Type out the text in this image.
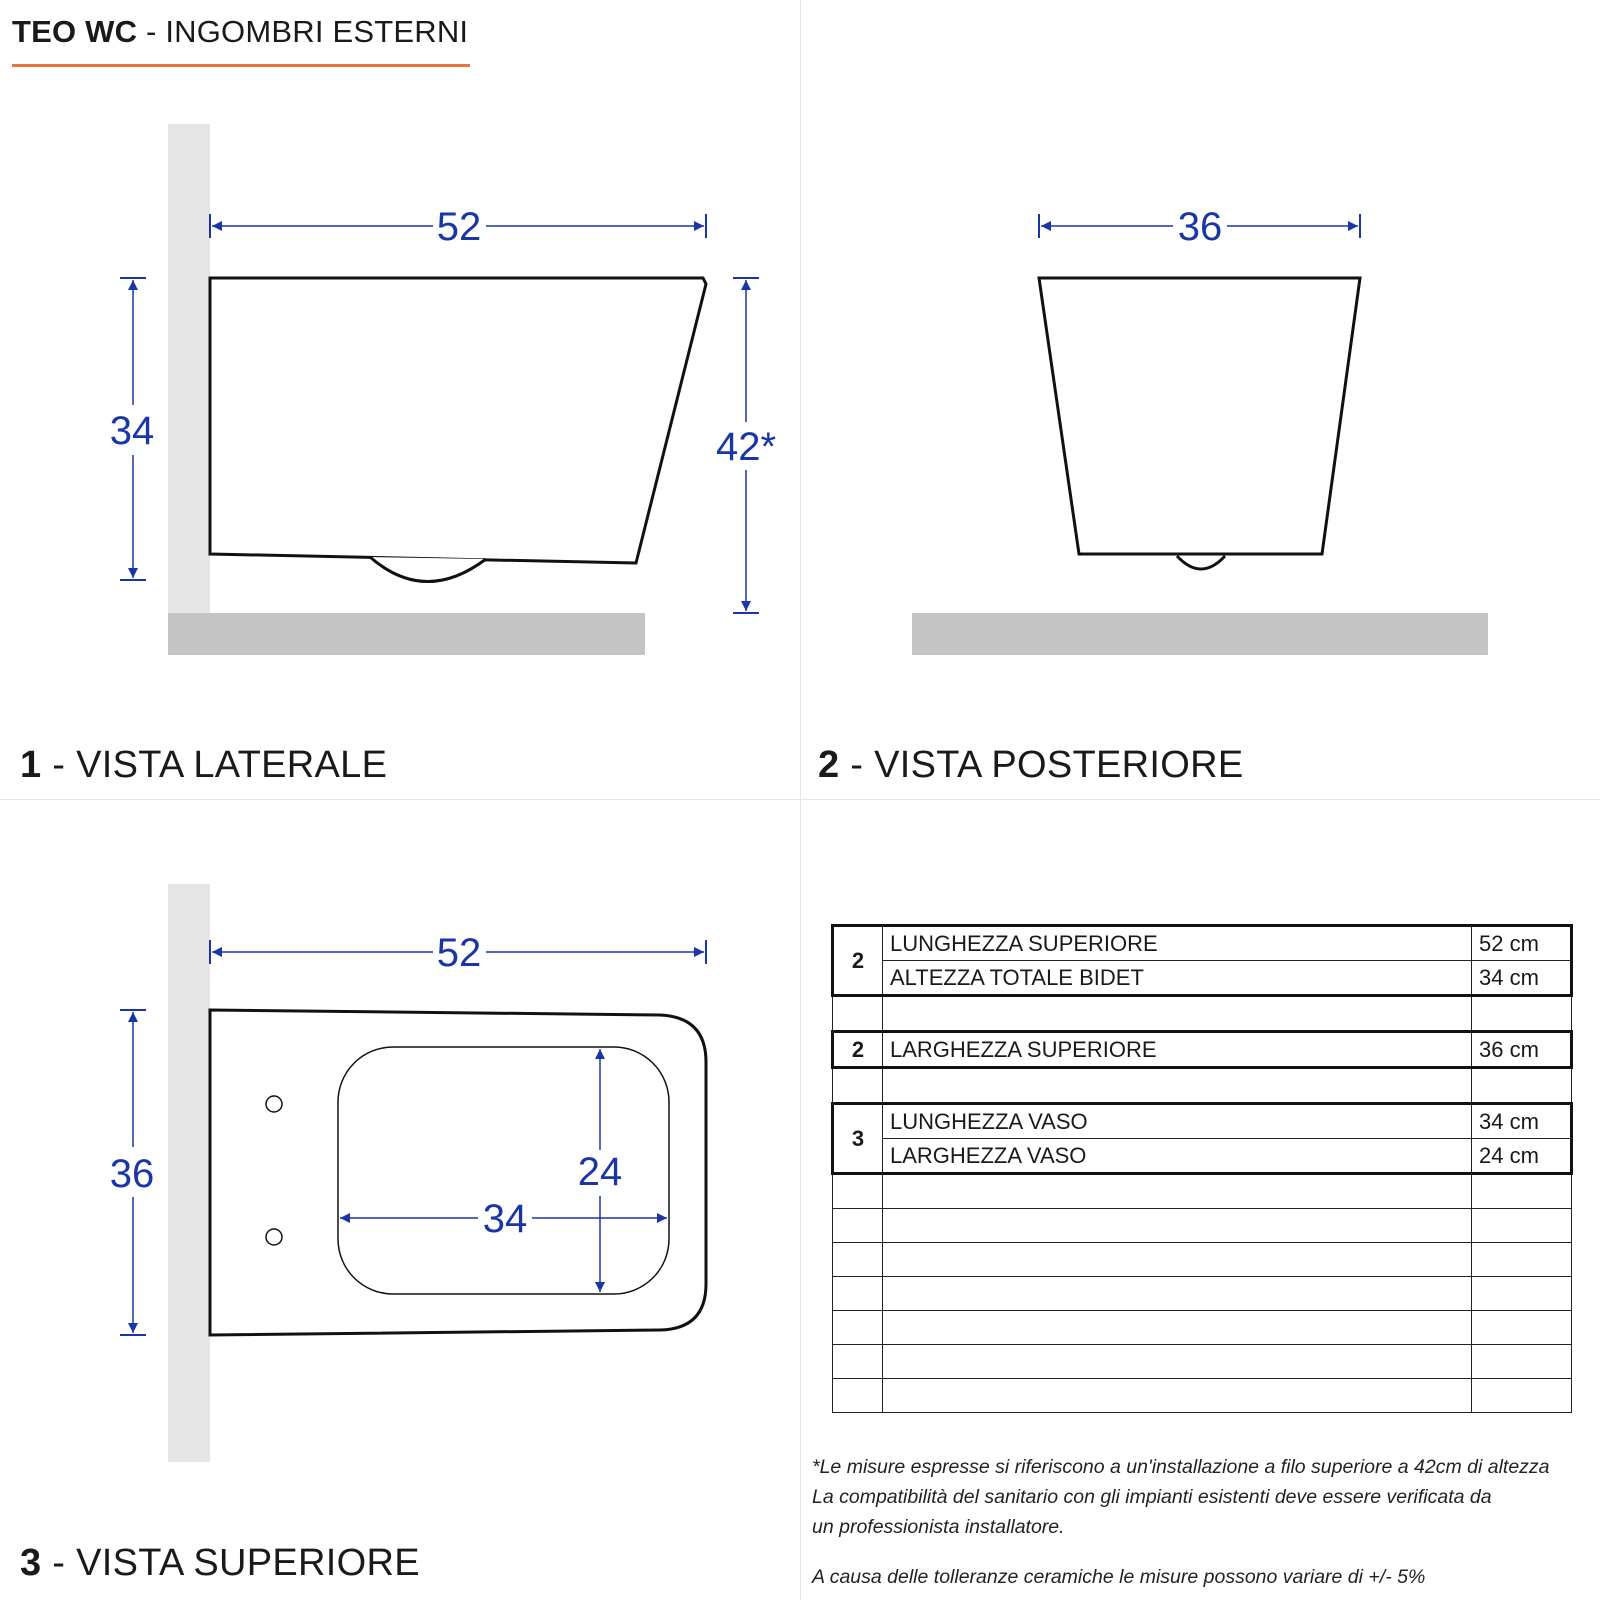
TEO WC - INGOMBRI ESTERNI
52
34	42*
36
52
36	24
34
1 - VISTA LATERALE	2 - VISTA POSTERIORE
3 - VISTA SUPERIORE
2	LUNGHEZZA SUPERIORE	52 cm
	ALTEZZA TOTALE BIDET	34 cm

2	LARGHEZZA SUPERIORE	36 cm

3	LUNGHEZZA VASO	34 cm
	LARGHEZZA VASO	24 cm

*Le misure espresse si riferiscono a un'installazione a filo superiore a 42cm di altezza

La compatibilità del sanitario con gli impianti esistenti deve essere verificata da

un professionista installatore.

A causa delle tolleranze ceramiche le misure possono variare di +/- 5%
